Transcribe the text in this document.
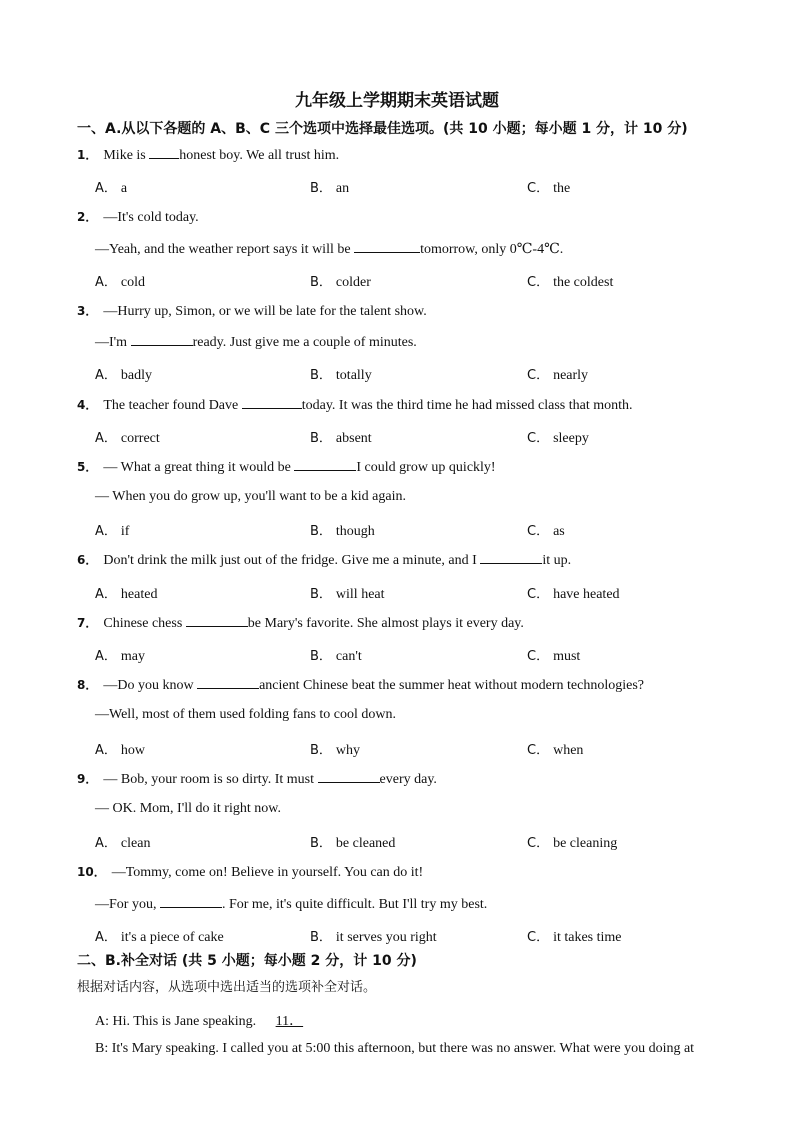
九年级上学期期末英语试题
一、A.从以下各题的 A、B、C 三个选项中选择最佳选项。(共 10 小题；每小题 1 分，计 10 分)
1． Mike is honest boy. We all trust him.
A． a	B． an	C． the
2． —It's cold today.
—Yeah, and the weather report says it will be	tomorrow, only 0℃-4℃.
A． cold	B． colder	C． the coldest
3． —Hurry up, Simon, or we will be late for the talent show.
—I'm	ready. Just give me a couple of minutes.
A． badly	B． totally	C． nearly
4． The teacher found Dave	today. It was the third time he had missed class that month.
A． correct	B． absent	C． sleepy
5． — What a great thing it would be	I could grow up quickly!
— When you do grow up, you'll want to be a kid again.
A． if	B． though	C． as
6． Don't drink the milk just out of the fridge. Give me a minute, and I	it up.
A． heated	B． will heat	C． have heated
7． Chinese chess	be Mary's favorite. She almost plays it every day.
A． may	B． can't	C． must
8． —Do you know	ancient Chinese beat the summer heat without modern technologies?
—Well, most of them used folding fans to cool down.
A． how	B． why	C． when
9． — Bob, your room is so dirty. It must	every day.
— OK. Mom, I'll do it right now.
A． clean	B． be cleaned	C． be cleaning
10． —Tommy, come on! Believe in yourself. You can do it!
—For you,	. For me, it's quite difficult. But I'll try my best.
A． it's a piece of cake	B． it serves you right	C． it takes time
二、B.补全对话 (共 5 小题；每小题 2 分，计 10 分)
根据对话内容，从选项中选出适当的选项补全对话。
A: Hi. This is Jane speaking. 11．
B: It's Mary speaking. I called you at 5:00 this afternoon, but there was no answer. What were you doing at
